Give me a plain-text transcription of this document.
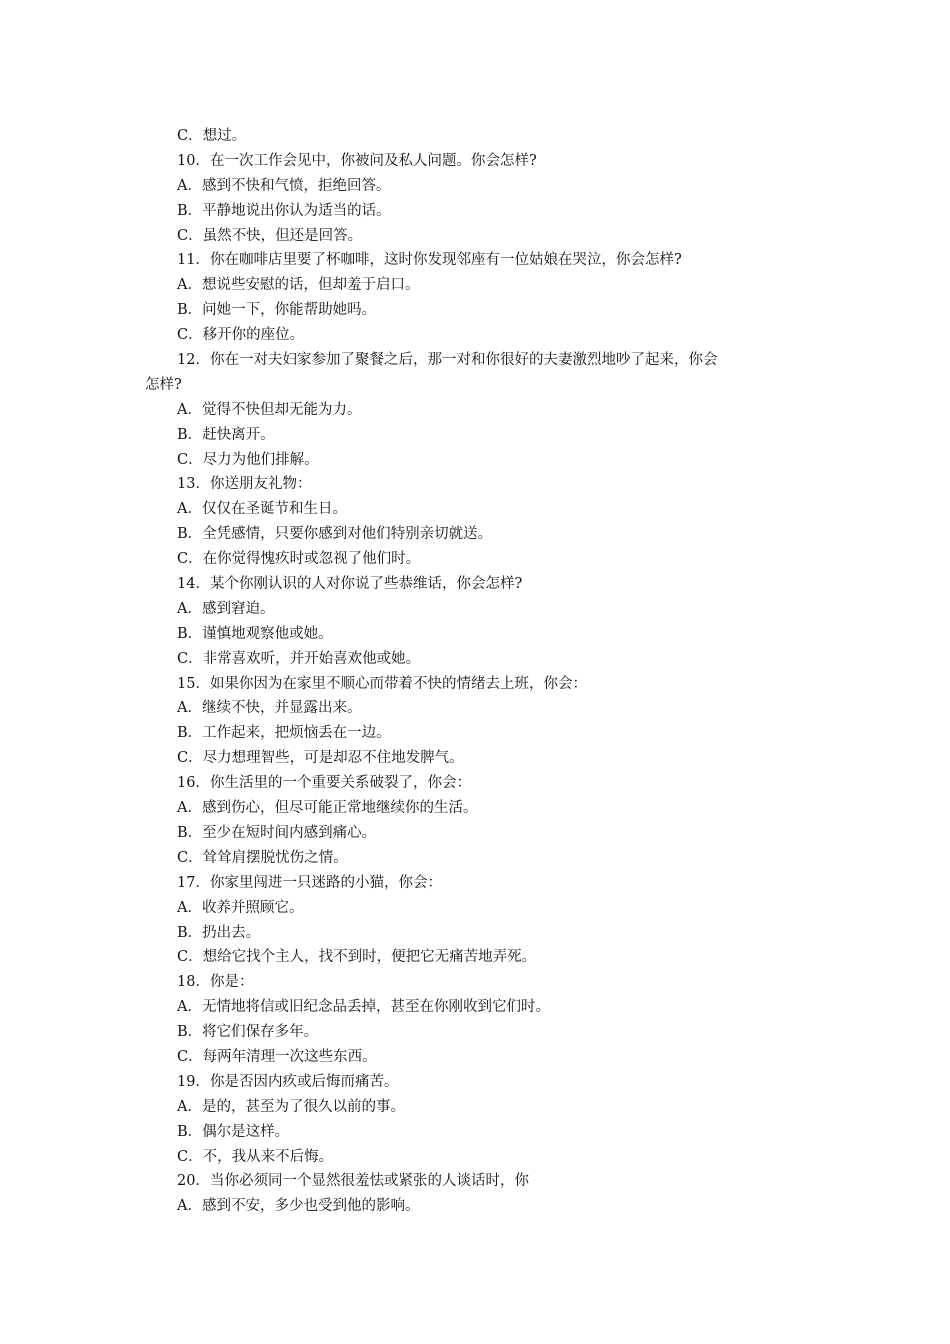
C．想过。

10．在一次工作会见中，你被问及私人问题。你会怎样?

A．感到不快和气愤，拒绝回答。

B．平静地说出你认为适当的话。

C．虽然不快，但还是回答。

11．你在咖啡店里要了杯咖啡，这时你发现邻座有一位姑娘在哭泣，你会怎样?

A．想说些安慰的话，但却羞于启口。

B．问她一下，你能帮助她吗。

C．移开你的座位。

12．你在一对夫妇家参加了聚餐之后，那一对和你很好的夫妻激烈地吵了起来，你会

怎样?

A．觉得不快但却无能为力。

B．赶快离开。

C．尽力为他们排解。

13．你送朋友礼物：

A．仅仅在圣诞节和生日。

B．全凭感情，只要你感到对他们特别亲切就送。

C．在你觉得愧疚时或忽视了他们时。

14．某个你刚认识的人对你说了些恭维话，你会怎样?

A．感到窘迫。

B．谨慎地观察他或她。

C．非常喜欢听，并开始喜欢他或她。

15．如果你因为在家里不顺心而带着不快的情绪去上班，你会：

A．继续不快，并显露出来。

B．工作起来，把烦恼丢在一边。

C．尽力想理智些，可是却忍不住地发脾气。

16．你生活里的一个重要关系破裂了，你会：

A．感到伤心，但尽可能正常地继续你的生活。

B．至少在短时间内感到痛心。

C．耸耸肩摆脱忧伤之情。

17．你家里闯进一只迷路的小猫，你会：

A．收养并照顾它。

B．扔出去。

C．想给它找个主人，找不到时，便把它无痛苦地弄死。

18．你是：

A．无情地将信或旧纪念品丢掉，甚至在你刚收到它们时。

B．将它们保存多年。

C．每两年清理一次这些东西。

19．你是否因内疚或后悔而痛苦。

A．是的，甚至为了很久以前的事。

B．偶尔是这样。

C．不，我从来不后悔。

20．当你必须同一个显然很羞怯或紧张的人谈话时，你

A．感到不安，多少也受到他的影响。
